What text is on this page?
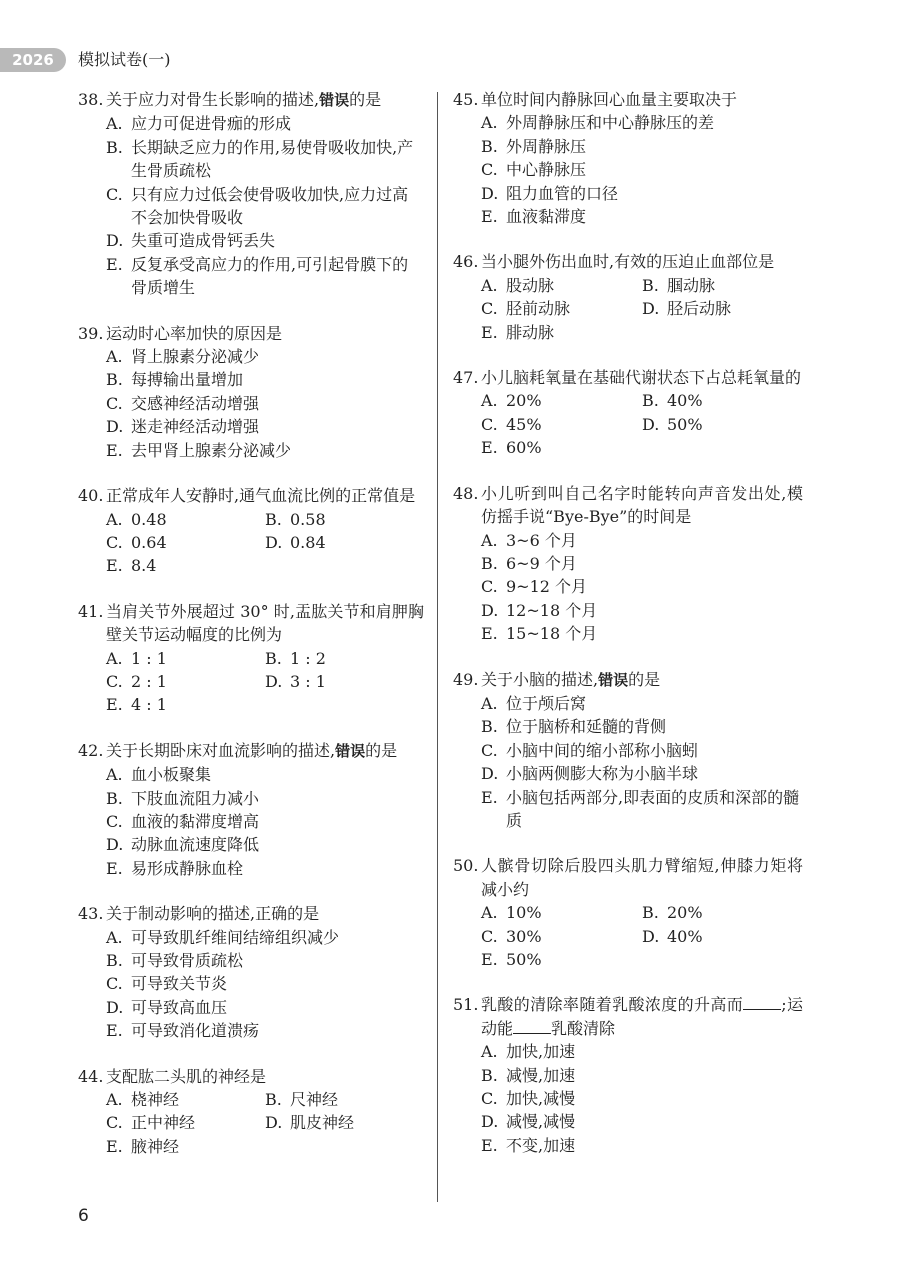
2026	模拟试卷(一)
38. 关于应力对骨生长影响的描述,错误的是
A. 应力可促进骨痂的形成
B. 长期缺乏应力的作用,易使骨吸收加快,产生骨质疏松
C. 只有应力过低会使骨吸收加快,应力过高不会加快骨吸收
D. 失重可造成骨钙丢失
E. 反复承受高应力的作用,可引起骨膜下的骨质增生
39. 运动时心率加快的原因是
A. 肾上腺素分泌减少
B. 每搏输出量增加
C. 交感神经活动增强
D. 迷走神经活动增强
E. 去甲肾上腺素分泌减少
40. 正常成年人安静时,通气血流比例的正常值是
A. 0.48	B. 0.58
C. 0.64	D. 0.84
E. 8.4
41. 当肩关节外展超过 30° 时,盂肱关节和肩胛胸壁关节运动幅度的比例为
A. 1 : 1	B. 1 : 2
C. 2 : 1	D. 3 : 1
E. 4 : 1
42. 关于长期卧床对血流影响的描述,错误的是
A. 血小板聚集
B. 下肢血流阻力减小
C. 血液的黏滞度增高
D. 动脉血流速度降低
E. 易形成静脉血栓
43. 关于制动影响的描述,正确的是
A. 可导致肌纤维间结缔组织减少
B. 可导致骨质疏松
C. 可导致关节炎
D. 可导致高血压
E. 可导致消化道溃疡
44. 支配肱二头肌的神经是
A. 桡神经	B. 尺神经
C. 正中神经	D. 肌皮神经
E. 腋神经
45. 单位时间内静脉回心血量主要取决于
A. 外周静脉压和中心静脉压的差
B. 外周静脉压
C. 中心静脉压
D. 阻力血管的口径
E. 血液黏滞度
46. 当小腿外伤出血时,有效的压迫止血部位是
A. 股动脉	B. 腘动脉
C. 胫前动脉	D. 胫后动脉
E. 腓动脉
47. 小儿脑耗氧量在基础代谢状态下占总耗氧量的
A. 20%	B. 40%
C. 45%	D. 50%
E. 60%
48. 小儿听到叫自己名字时能转向声音发出处,模仿摇手说“Bye-Bye”的时间是
A. 3~6 个月
B. 6~9 个月
C. 9~12 个月
D. 12~18 个月
E. 15~18 个月
49. 关于小脑的描述,错误的是
A. 位于颅后窝
B. 位于脑桥和延髓的背侧
C. 小脑中间的缩小部称小脑蚓
D. 小脑两侧膨大称为小脑半球
E. 小脑包括两部分,即表面的皮质和深部的髓质
50. 人髌骨切除后股四头肌力臂缩短,伸膝力矩将减小约
A. 10%	B. 20%
C. 30%	D. 40%
E. 50%
51. 乳酸的清除率随着乳酸浓度的升高而 ;运动能 乳酸清除
A. 加快,加速
B. 减慢,加速
C. 加快,减慢
D. 减慢,减慢
E. 不变,加速
6
